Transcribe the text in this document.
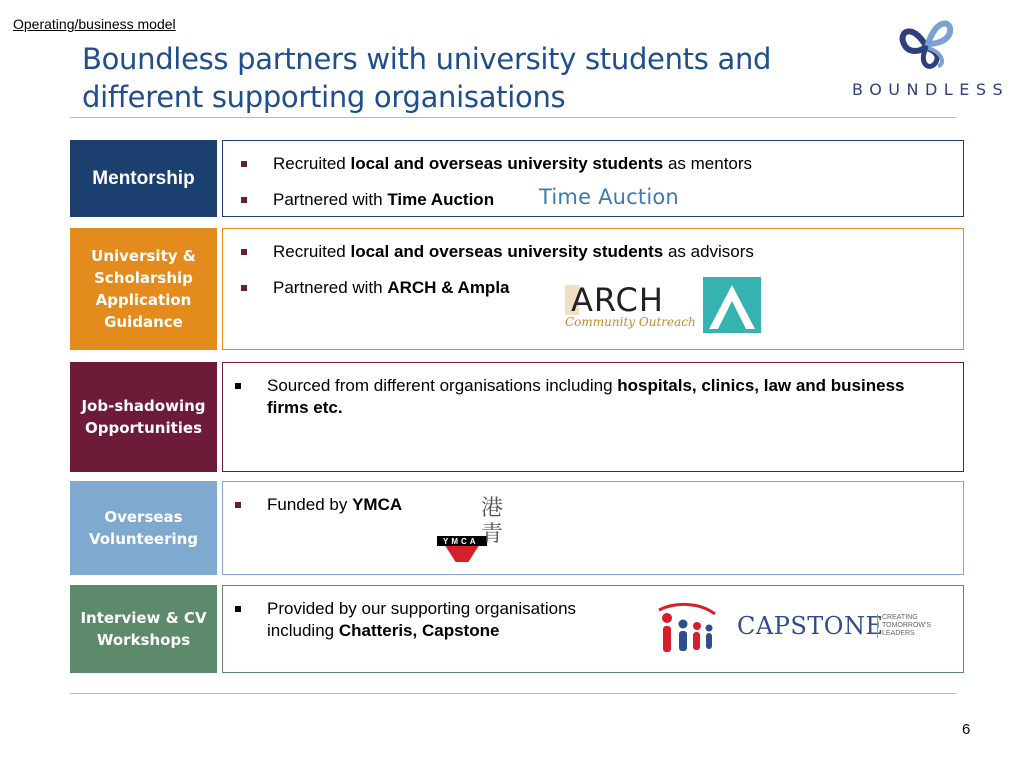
Operating/business model
Boundless partners with university students and different supporting organisations	BOUNDLESS
Mentorship
Recruited local and overseas university students as mentors
Partnered with Time Auction	Time Auction
University & Scholarship Application Guidance
Recruited local and overseas university students as advisors
Partnered with ARCH & Ampla	ARCH
Community Outreach
Job-shadowing Opportunities
Sourced from different organisations including hospitals, clinics, law and business firms etc.
Overseas Volunteering
Funded by YMCA
YMCA
港青
Interview & CV Workshops
Provided by our supporting organisations including Chatteris, Capstone	CAPSTONE
CREATING TOMORROW'S LEADERS
6
